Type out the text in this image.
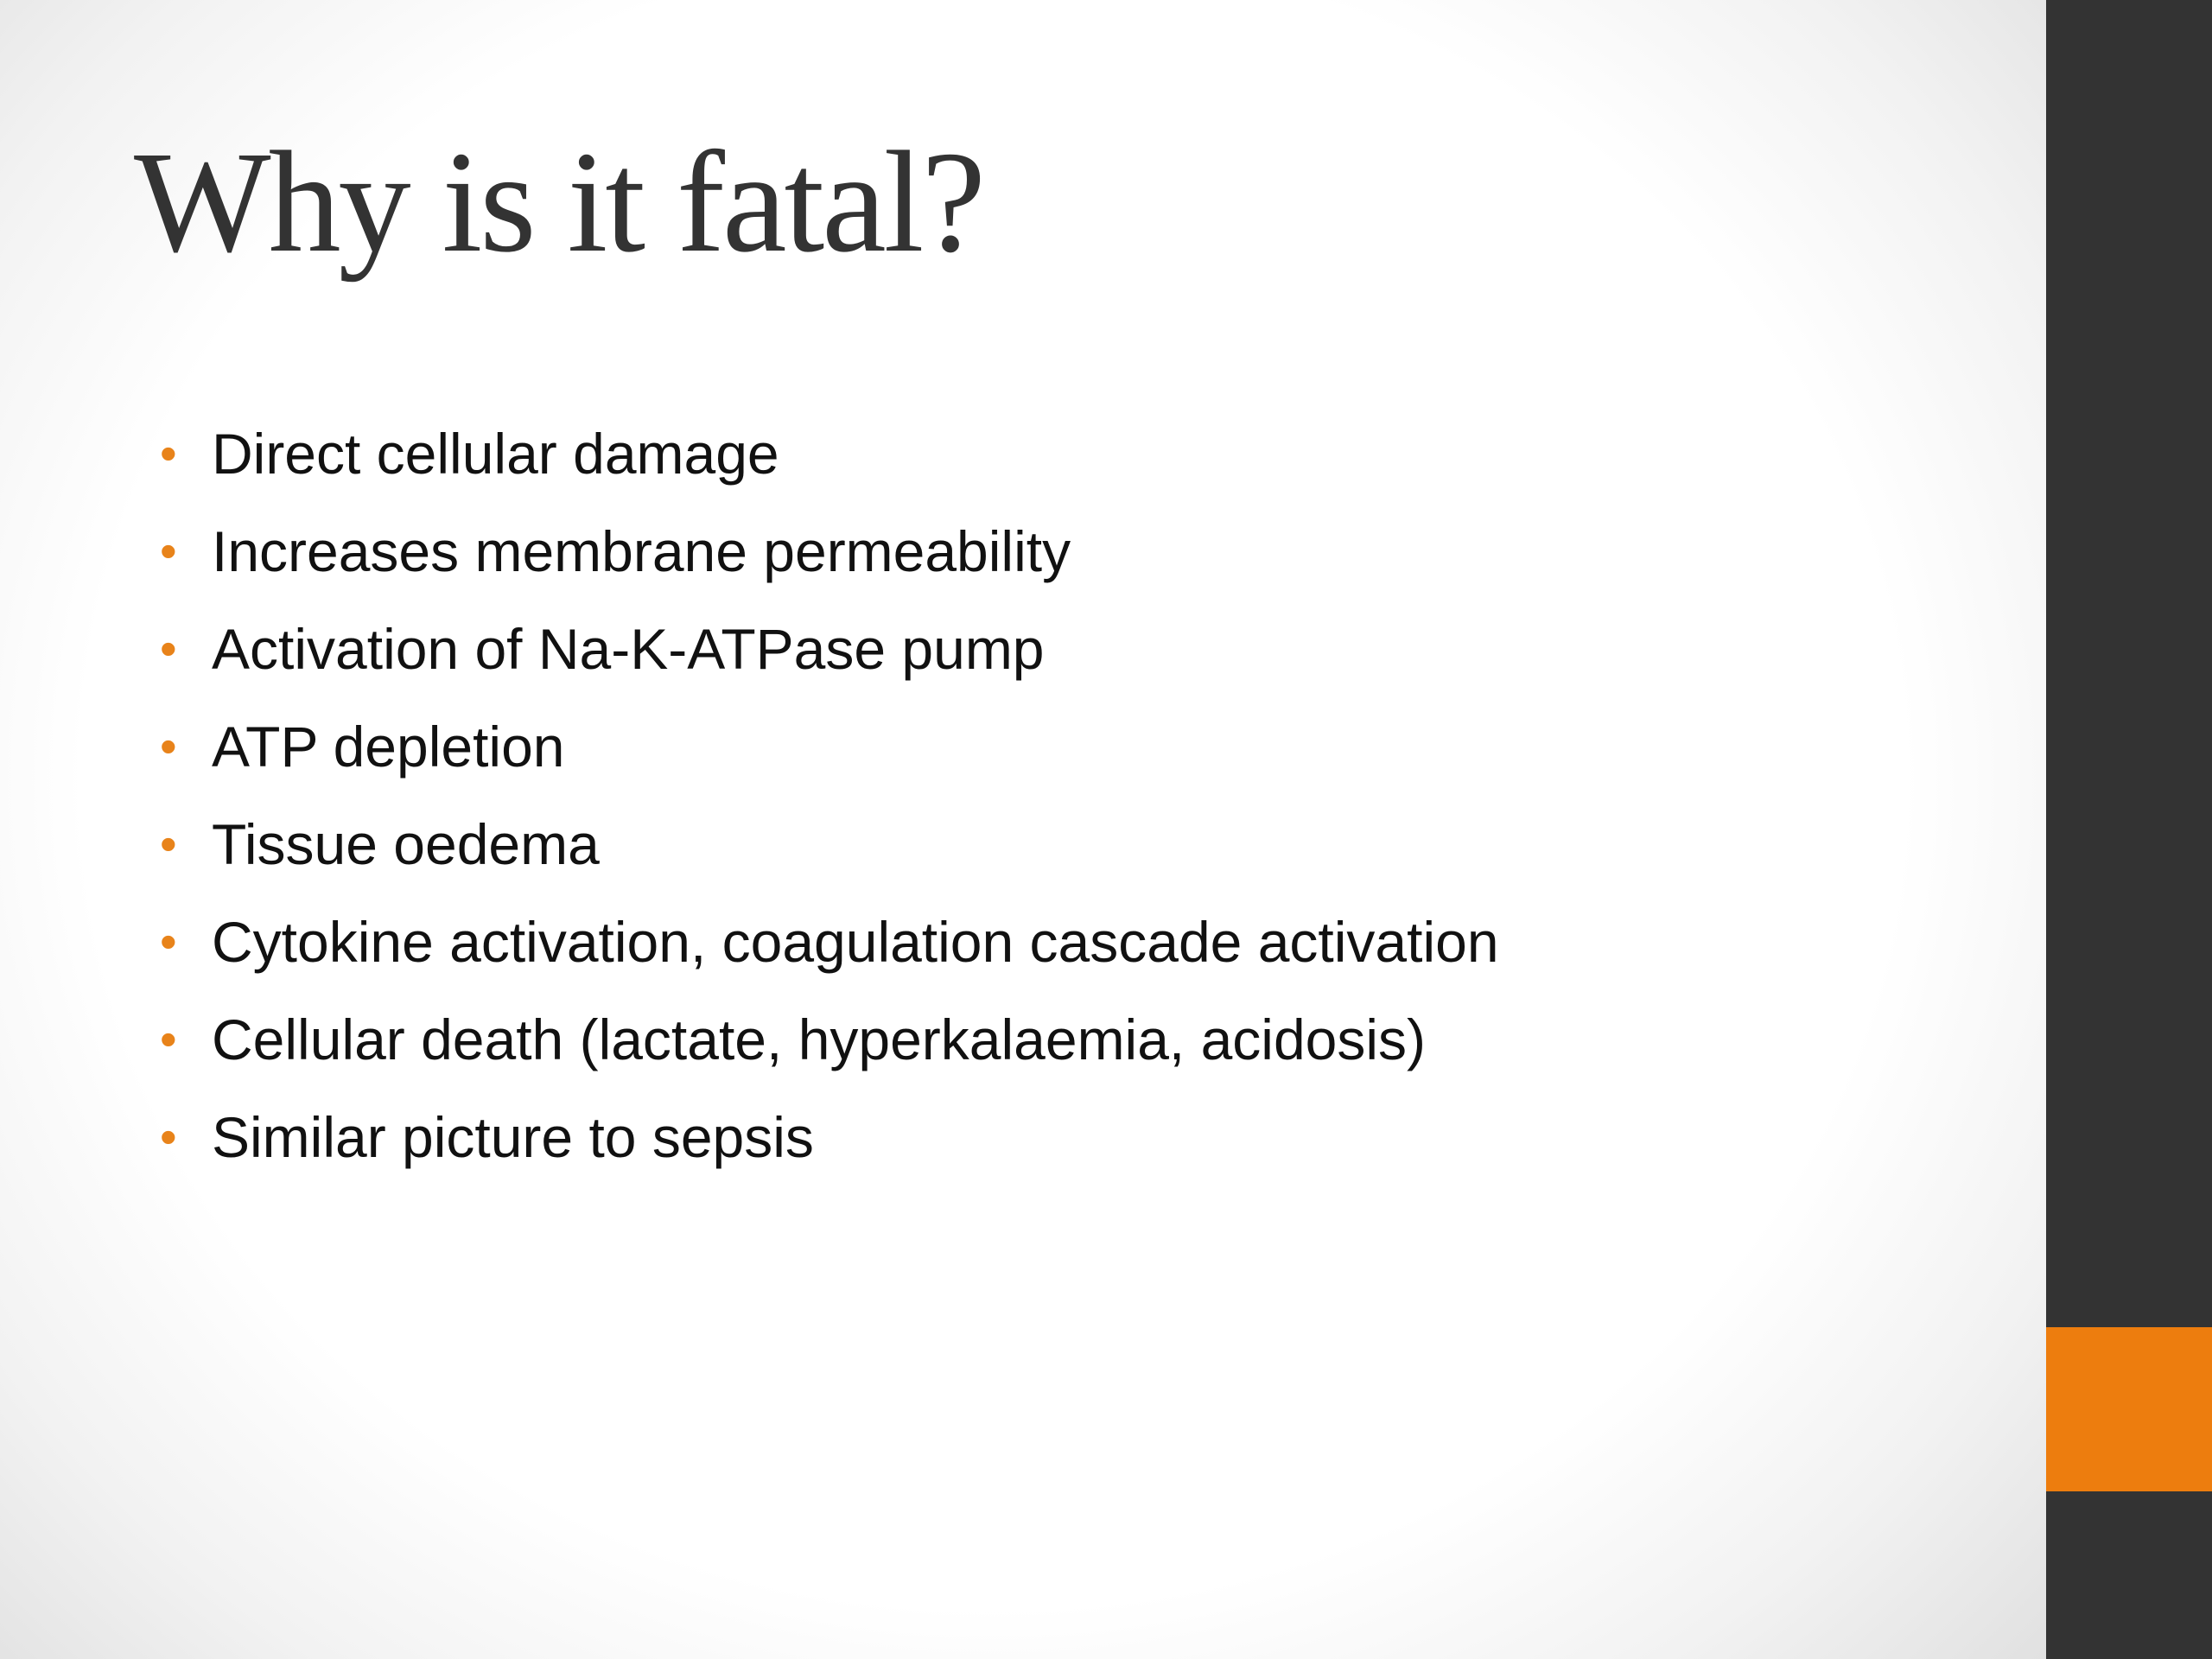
Why is it fatal?
• Direct cellular damage
• Increases membrane permeability
• Activation of Na-K-ATPase pump
• ATP depletion
• Tissue oedema
• Cytokine activation, coagulation cascade activation
• Cellular death (lactate, hyperkalaemia, acidosis)
• Similar picture to sepsis
